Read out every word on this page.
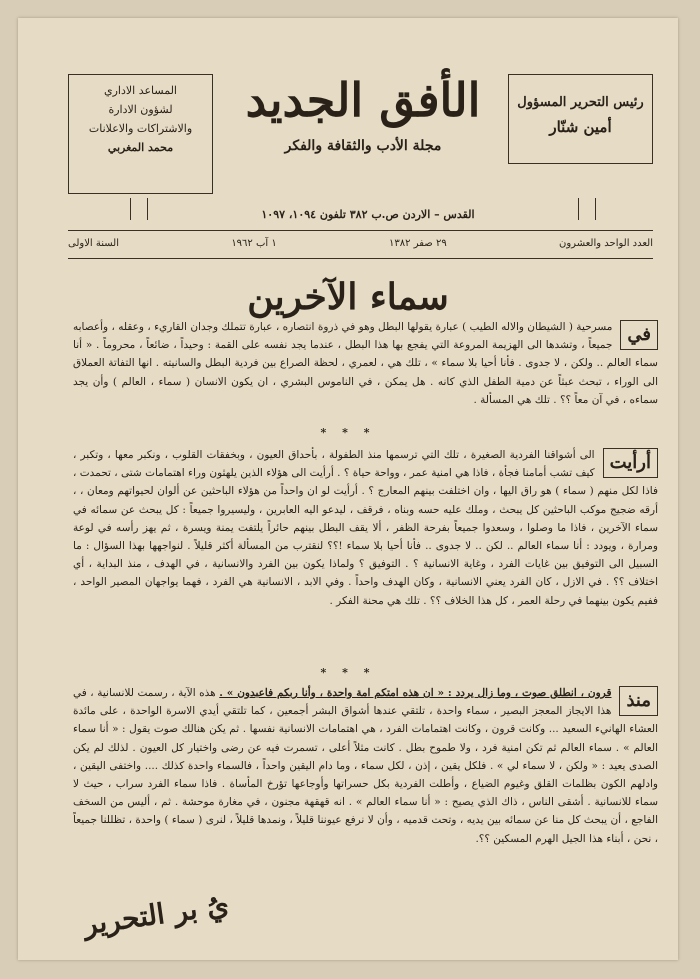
رئيس التحرير المسؤول
أمين شنّار
المساعد الاداري
لشؤون الادارة
والاشتراكات والاعلانات
محمد المغربي
الأفق الجديد
مجلة الأدب والثقافة والفكر
القدس – الاردن ص.ب ٣٨٢ تلفون ١٠٩٤، ١٠٩٧
العدد الواحد والعشرون
٢٩ صفر ١٣٨٢
١ آب ١٩٦٢
السنة الاولى
سماء الآخرين
في
مسرحية ( الشيطان والاله الطيب ) عبارة يقولها البطل وهو في ذروة انتصاره ، عبارة تتملك وجدان القاريء ، وعقله ، وأعصابه جميعاً ، وتشدها الى الهزيمة المروعة التي يفجع بها هذا البطل ، عندما يجد نفسه على القمة : وحيداً ، ضائعاً ، محروماً . « أنا سماء العالم .. ولكن ، لا جدوى . فأنا أحيا بلا سماء » ، تلك هي ، لعمري ، لحظة الصراع بين فردية البطل والسانيته . انها التفاتة العملاق الى الوراء ، تبحث عبثاً عن دمية الطفل الذي كانه . هل يمكن ، في الناموس البشري ، ان يكون الانسان ( سماء ، العالم ) وأن يجد سماءه ، في آن معاً ؟؟ . تلك هي المسألة .
* * *
أرأيت
الى أشواقنا الفردية الصغيرة ، تلك التي ترسمها منذ الطفولة ، بأحداق العيون ، وبخفقات القلوب ، ونكبر معها ، وتكبر ، كيف تشب أمامنا فجأة ، فاذا هي امنية عمر ، وواحة حياة ؟ . أرأيت الى هؤلاء الذين يلهثون وراء اهتمامات شتى ، تحمدت ، فاذا لكل منهم ( سماء ) هو راق اليها ، وان اختلفت بينهم المعارج ؟ . أرأيت لو ان واحداً من هؤلاء الباحثين عن ألوان لحيواتهم ومعان ، ، أرقه ضجيج موكب الباحثين كل يبحث ، وملك عليه حسه وبناه ، فرقف ، ليدعو اليه العابرين ، وليسيروا جميعاً : كل يبحث عن سمائه في سماء الآخرين ، فاذا ما وصلوا ، وسعدوا جميعاً بفرحة الظفر ، ألا يقف البطل بينهم حائراً يلتفت يمنة ويسرة ، ثم يهز رأسه في لوعة ومرارة ، ويودد : أنا سماء العالم .. لكن .. لا جدوى .. فأنا أحيا بلا سماء !؟؟ لنقترب من المسألة أكثر قليلاً . لنواجهها بهذا السؤال : ما السبيل الى التوفيق بين غايات الفرد ، وغاية الانسانية ؟ . التوفيق ؟ ولماذا يكون بين الفرد والانسانية ، في الهدف ، منذ البداية ، أي اختلاف ؟؟ . في الازل ، كان الفرد يعني الانسانية ، وكان الهدف واحداً . وفي الابد ، الانسانية هي الفرد ، فهما يواجهان المصير الواحد ، ففيم يكون بينهما في رحلة العمر ، كل هذا الخلاف ؟؟ . تلك هي محنة الفكر .
* * *
منذ
قرون ، انطلق صوت ، وما زال يردد : « ان هذه امتكم امة واحدة ، وأنا ربكم فاعبدون » . هذه الآية ، رسمت للانسانية ، في هذا الايجاز المعجز البصير ، سماء واحدة ، تلتقي عندها أشواق البشر أجمعين ، كما تلتقي أيدي الاسرة الواحدة ، على مائدة العشاء الهانيء السعيد ... وكانت قرون ، وكانت اهتمامات الفرد ، هي اهتمامات الانسانية نفسها . ثم يكن هنالك صوت يقول : « أنا سماء العالم » . سماء العالم ثم تكن امنية فرد ، ولا طموح بطل . كانت مثلاً أعلى ، تسمرت فيه عن رضى واختيار كل العيون . لذلك لم يكن الصدى يعيد : « ولكن ، لا سماء لي » . فلكل يقين ، إذن ، لكل سماء ، وما دام اليقين واحداً ، فالسماء واحدة كذلك .... واختفى اليقين ، وادلهم الكون بظلمات القلق وغيوم الضياع ، وأطلت الفردية بكل حسراتها وأوجاعها تؤرخ المأساة . فاذا سماء الفرد سراب ، حيث لا سماء للانسانية . أشقى الناس ، ذاك الذي يصيح : « أنا سماء العالم » . انه قهقهة مجنون ، في مغارة موحشة . ثم ، أليس من السخف الفاجع ، أن يبحث كل منا عن سمائه بين يديه ، وتحت قدميه ، وأن لا نرفع عيوننا قليلاً ، ونمدها قليلاً ، لنرى ( سماء ) واحدة ، تظللنا جميعاً ، نحن ، أبناء هذا الجيل الهرم المسكين ؟؟.
يُ بر التحرير
